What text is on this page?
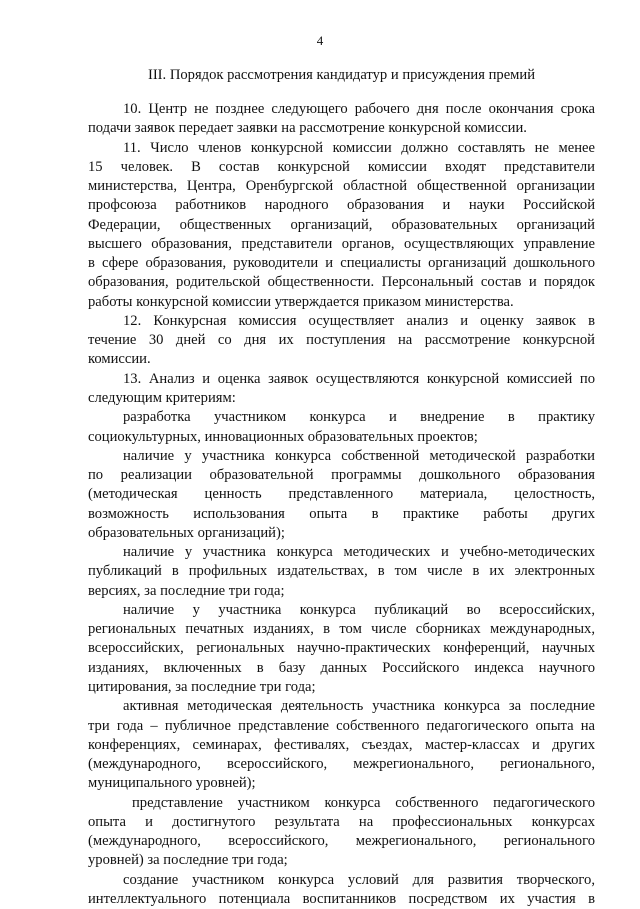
4
III. Порядок рассмотрения кандидатур и присуждения премий
10. Центр не позднее следующего рабочего дня после окончания срока
подачи заявок передает заявки на рассмотрение конкурсной комиссии.
11. Число членов конкурсной комиссии должно составлять не менее
15 человек. В состав конкурсной комиссии входят представители
министерства, Центра, Оренбургской областной общественной организации
профсоюза работников народного образования и науки Российской
Федерации, общественных организаций, образовательных организаций
высшего образования, представители органов, осуществляющих управление
в сфере образования, руководители и специалисты организаций дошкольного
образования, родительской общественности. Персональный состав и порядок
работы конкурсной комиссии утверждается приказом министерства.
12. Конкурсная комиссия осуществляет анализ и оценку заявок в
течение 30 дней со дня их поступления на рассмотрение конкурсной
комиссии.
13. Анализ и оценка заявок осуществляются конкурсной комиссией по
следующим критериям:
разработка участником конкурса и внедрение в практику
социокультурных, инновационных образовательных проектов;
наличие у участника конкурса собственной методической разработки
по реализации образовательной программы дошкольного образования
(методическая ценность представленного материала, целостность,
возможность использования опыта в практике работы других
образовательных организаций);
наличие у участника конкурса методических и учебно-методических
публикаций в профильных издательствах, в том числе в их электронных
версиях, за последние три года;
наличие у участника конкурса публикаций во всероссийских,
региональных печатных изданиях, в том числе сборниках международных,
всероссийских, региональных научно-практических конференций, научных
изданиях, включенных в базу данных Российского индекса научного
цитирования, за последние три года;
активная методическая деятельность участника конкурса за последние
три года – публичное представление собственного педагогического опыта на
конференциях, семинарах, фестивалях, съездах, мастер-классах и других
(международного, всероссийского, межрегионального, регионального,
муниципального уровней);
представление участником конкурса собственного педагогического
опыта и достигнутого результата на профессиональных конкурсах
(международного, всероссийского, межрегионального, регионального
уровней) за последние три года;
создание участником конкурса условий для развития творческого,
интеллектуального потенциала воспитанников посредством их участия в
